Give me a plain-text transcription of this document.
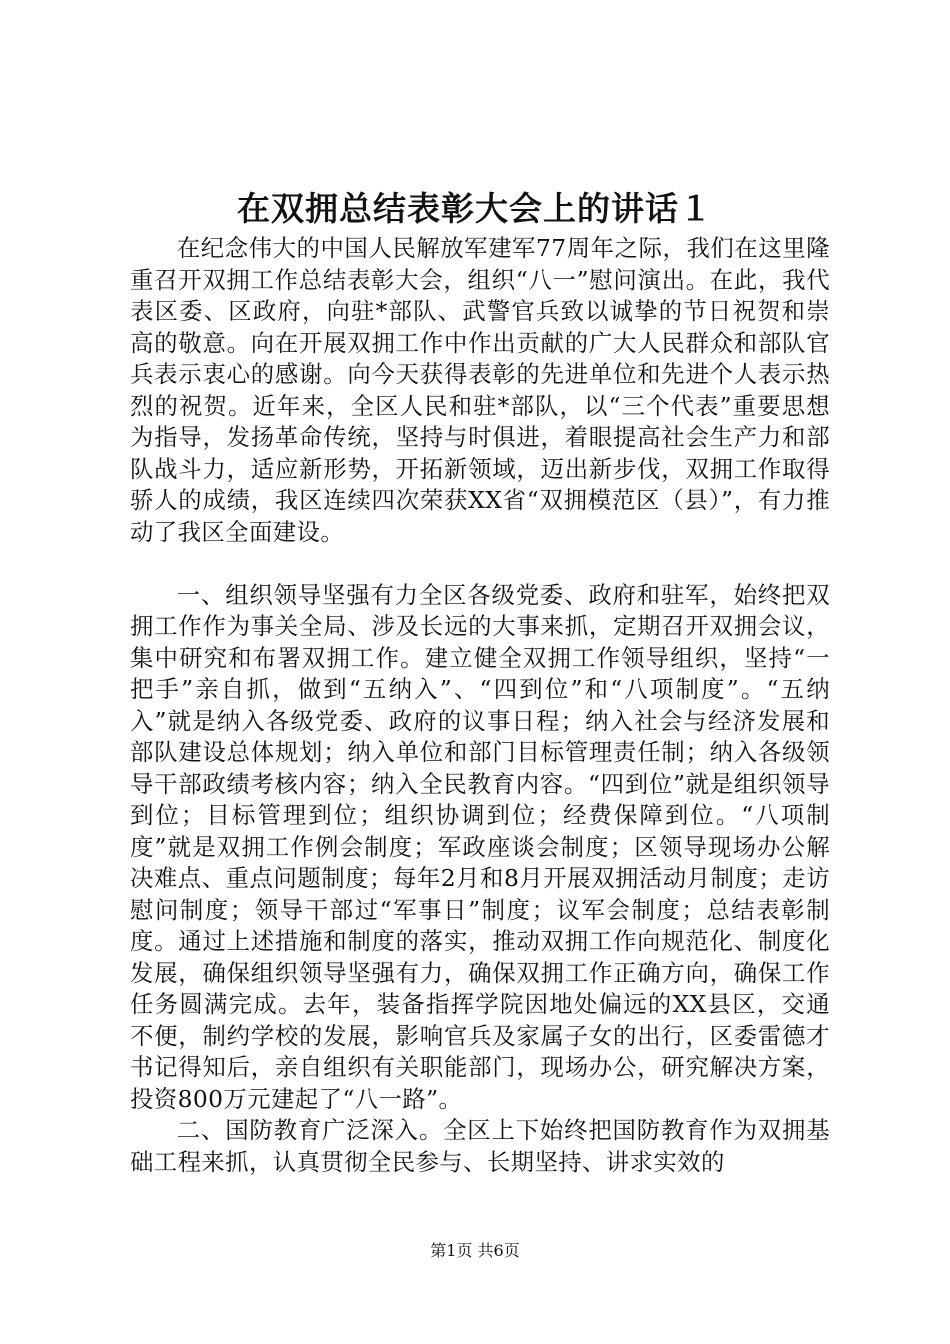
在双拥总结表彰大会上的讲话１

在纪念伟大的中国人民解放军建军77周年之际，我们在这里隆重召开双拥工作总结表彰大会，组织“八一”慰问演出。在此，我代表区委、区政府，向驻*部队、武警官兵致以诚挚的节日祝贺和崇高的敬意。向在开展双拥工作中作出贡献的广大人民群众和部队官兵表示衷心的感谢。向今天获得表彰的先进单位和先进个人表示热烈的祝贺。近年来，全区人民和驻*部队，以“三个代表”重要思想为指导，发扬革命传统，坚持与时俱进，着眼提高社会生产力和部队战斗力，适应新形势，开拓新领域，迈出新步伐，双拥工作取得骄人的成绩，我区连续四次荣获XX省“双拥模范区（县）”，有力推动了我区全面建设。

一、组织领导坚强有力全区各级党委、政府和驻军，始终把双拥工作作为事关全局、涉及长远的大事来抓，定期召开双拥会议，集中研究和布署双拥工作。建立健全双拥工作领导组织，坚持“一把手”亲自抓，做到“五纳入”、“四到位”和“八项制度”。“五纳入”就是纳入各级党委、政府的议事日程；纳入社会与经济发展和部队建设总体规划；纳入单位和部门目标管理责任制；纳入各级领导干部政绩考核内容；纳入全民教育内容。“四到位”就是组织领导到位；目标管理到位；组织协调到位；经费保障到位。“八项制度”就是双拥工作例会制度；军政座谈会制度；区领导现场办公解决难点、重点问题制度；每年2月和8月开展双拥活动月制度；走访慰问制度；领导干部过“军事日”制度；议军会制度；总结表彰制度。通过上述措施和制度的落实，推动双拥工作向规范化、制度化发展，确保组织领导坚强有力，确保双拥工作正确方向，确保工作任务圆满完成。去年，装备指挥学院因地处偏远的XX县区，交通不便，制约学校的发展，影响官兵及家属子女的出行，区委雷德才书记得知后，亲自组织有关职能部门，现场办公，研究解决方案，投资800万元建起了“八一路”。

二、国防教育广泛深入。全区上下始终把国防教育作为双拥基础工程来抓，认真贯彻全民参与、长期坚持、讲求实效的

第1页 共6页
